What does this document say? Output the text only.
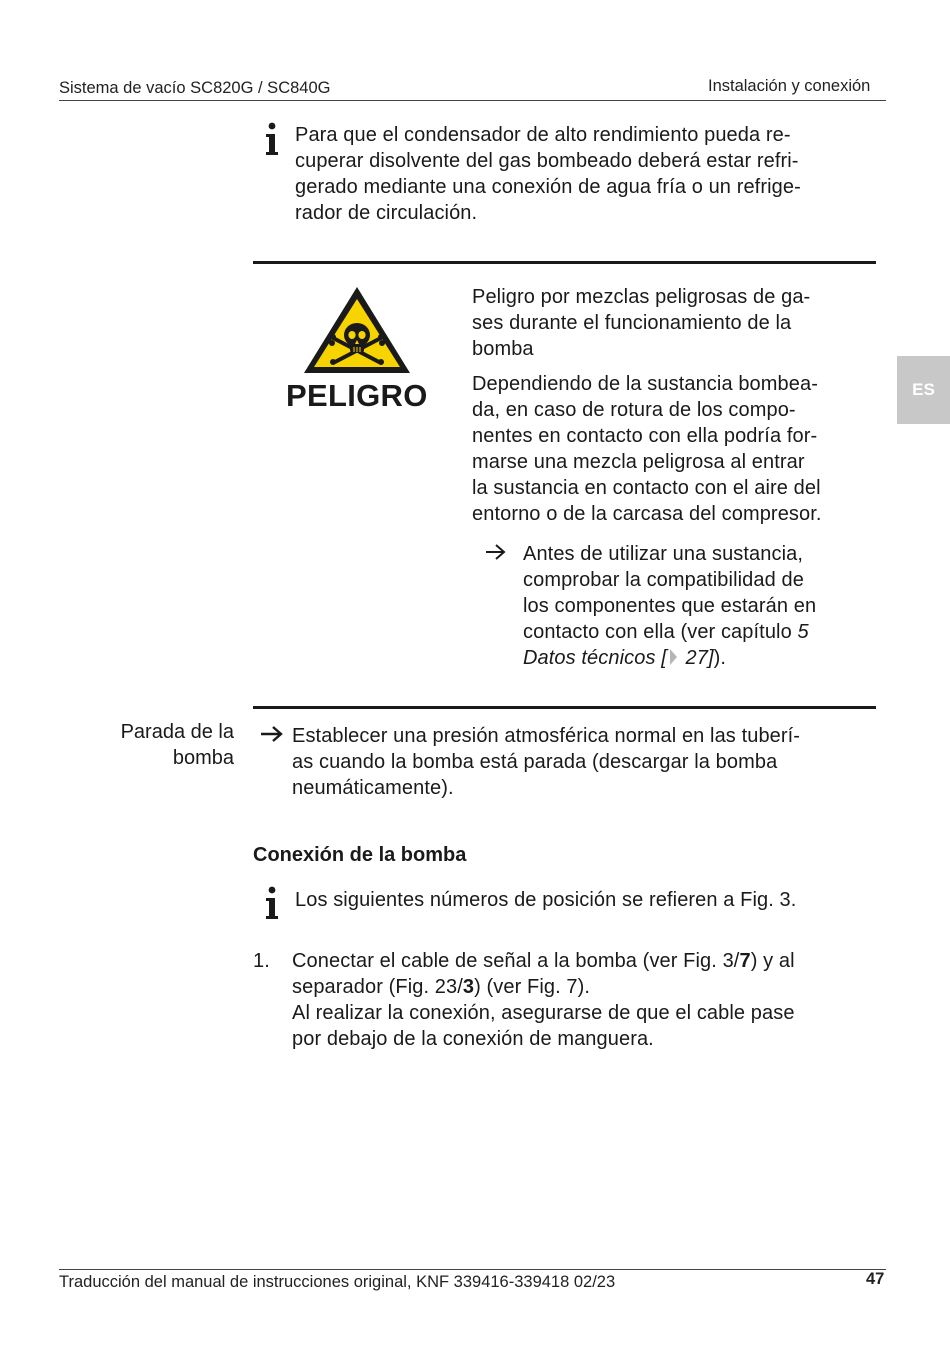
Sistema de vacío SC820G / SC840G	Instalación y conexión
ES
Para que el condensador de alto rendimiento pueda re-
cuperar disolvente del gas bombeado deberá estar refri-
gerado mediante una conexión de agua fría o un refrige-
rador de circulación.
PELIGRO
Peligro por mezclas peligrosas de ga-
ses durante el funcionamiento de la
bomba
Dependiendo de la sustancia bombea-
da, en caso de rotura de los compo-
nentes en contacto con ella podría for-
marse una mezcla peligrosa al entrar
la sustancia en contacto con el aire del
entorno o de la carcasa del compresor.
Antes de utilizar una sustancia,
comprobar la compatibilidad de
los componentes que estarán en
contacto con ella (ver capítulo 5
Datos técnicos [ 27]).
Parada de la
bomba
Establecer una presión atmosférica normal en las tuberí-
as cuando la bomba está parada (descargar la bomba
neumáticamente).
Conexión de la bomba
Los siguientes números de posición se refieren a Fig. 3.
1. Conectar el cable de señal a la bomba (ver Fig. 3/7) y al
separador (Fig. 23/3) (ver Fig. 7).
Al realizar la conexión, asegurarse de que el cable pase
por debajo de la conexión de manguera.
Traducción del manual de instrucciones original, KNF 339416-339418 02/23	47
